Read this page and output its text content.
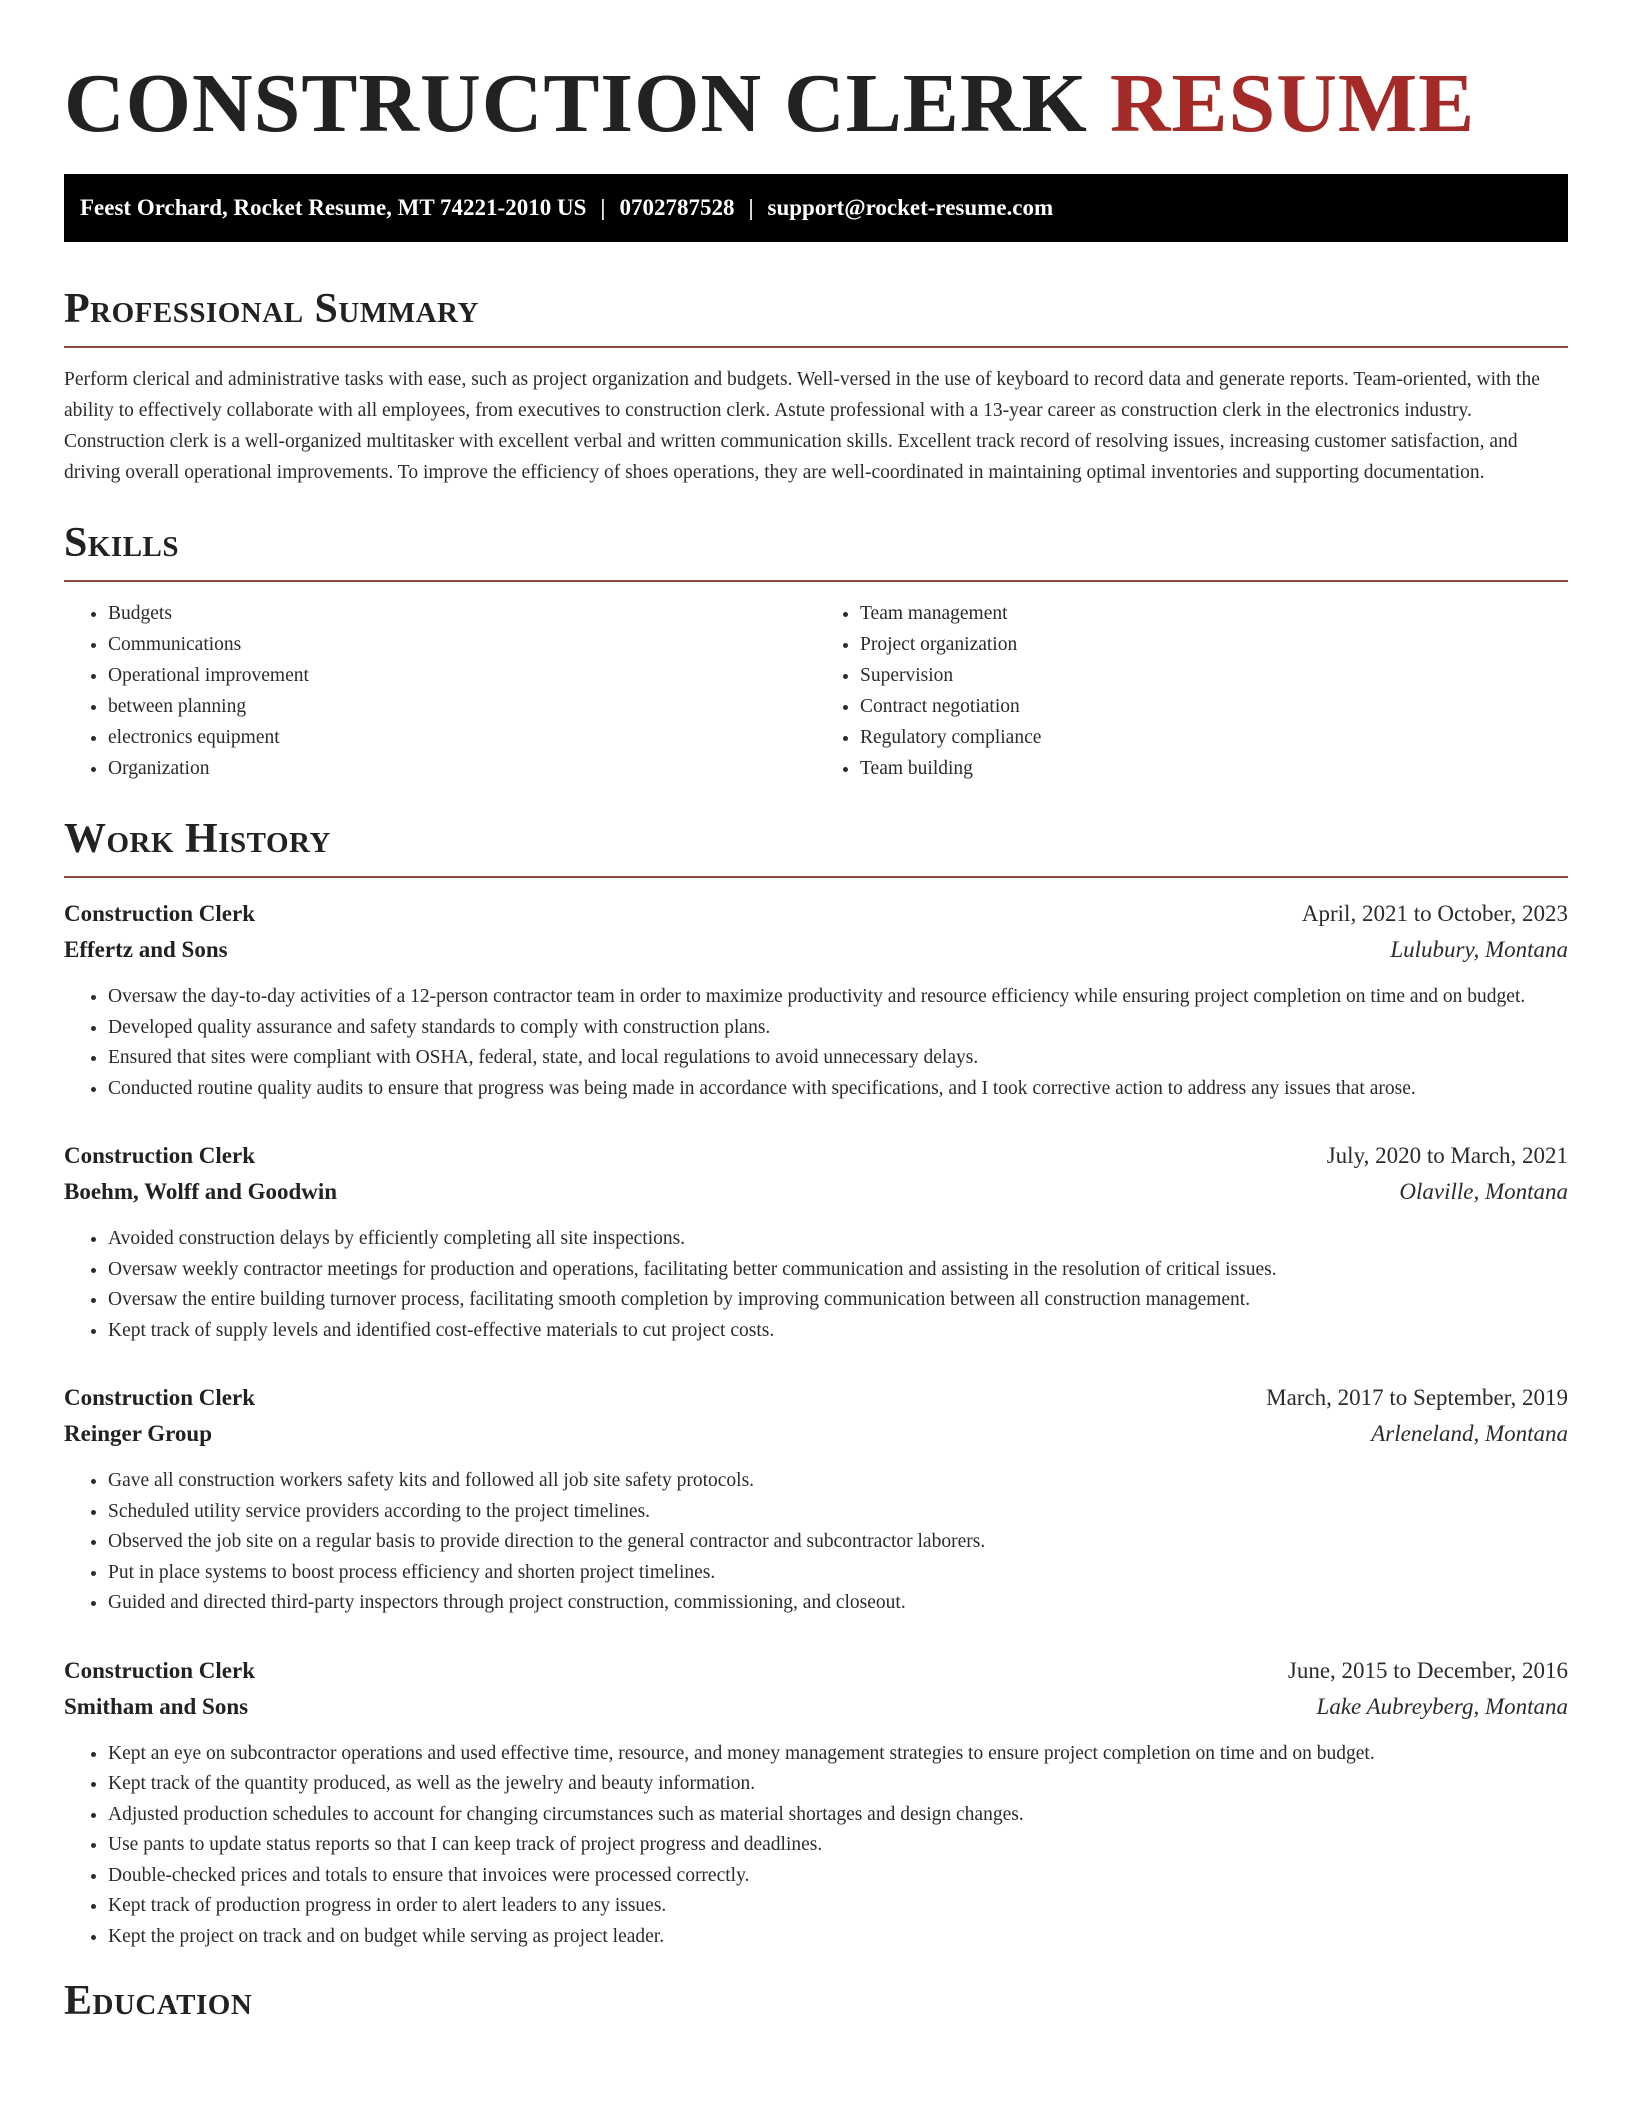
CONSTRUCTION CLERK RESUME
Feest Orchard, Rocket Resume, MT 74221-2010 US | 0702787528 | support@rocket-resume.com
Professional Summary

Perform clerical and administrative tasks with ease, such as project organization and budgets. Well-versed in the use of keyboard to record data and generate reports. Team-oriented, with the ability to effectively collaborate with all employees, from executives to construction clerk. Astute professional with a 13-year career as construction clerk in the electronics industry. Construction clerk is a well-organized multitasker with excellent verbal and written communication skills. Excellent track record of resolving issues, increasing customer satisfaction, and driving overall operational improvements. To improve the efficiency of shoes operations, they are well-coordinated in maintaining optimal inventories and supporting documentation.

Skills
• Budgets
• Communications
• Operational improvement
• between planning
• electronics equipment
• Organization
• Team management
• Project organization
• Supervision
• Contract negotiation
• Regulatory compliance
• Team building
Work History
Construction Clerk	April, 2021 to October, 2023
Effertz and Sons	Lulubury, Montana
• Oversaw the day-to-day activities of a 12-person contractor team in order to maximize productivity and resource efficiency while ensuring project completion on time and on budget.
• Developed quality assurance and safety standards to comply with construction plans.
• Ensured that sites were compliant with OSHA, federal, state, and local regulations to avoid unnecessary delays.
• Conducted routine quality audits to ensure that progress was being made in accordance with specifications, and I took corrective action to address any issues that arose.
Construction Clerk	July, 2020 to March, 2021
Boehm, Wolff and Goodwin	Olaville, Montana
• Avoided construction delays by efficiently completing all site inspections.
• Oversaw weekly contractor meetings for production and operations, facilitating better communication and assisting in the resolution of critical issues.
• Oversaw the entire building turnover process, facilitating smooth completion by improving communication between all construction management.
• Kept track of supply levels and identified cost-effective materials to cut project costs.
Construction Clerk	March, 2017 to September, 2019
Reinger Group	Arleneland, Montana
• Gave all construction workers safety kits and followed all job site safety protocols.
• Scheduled utility service providers according to the project timelines.
• Observed the job site on a regular basis to provide direction to the general contractor and subcontractor laborers.
• Put in place systems to boost process efficiency and shorten project timelines.
• Guided and directed third-party inspectors through project construction, commissioning, and closeout.
Construction Clerk	June, 2015 to December, 2016
Smitham and Sons	Lake Aubreyberg, Montana
• Kept an eye on subcontractor operations and used effective time, resource, and money management strategies to ensure project completion on time and on budget.
• Kept track of the quantity produced, as well as the jewelry and beauty information.
• Adjusted production schedules to account for changing circumstances such as material shortages and design changes.
• Use pants to update status reports so that I can keep track of project progress and deadlines.
• Double-checked prices and totals to ensure that invoices were processed correctly.
• Kept track of production progress in order to alert leaders to any issues.
• Kept the project on track and on budget while serving as project leader.
Education
